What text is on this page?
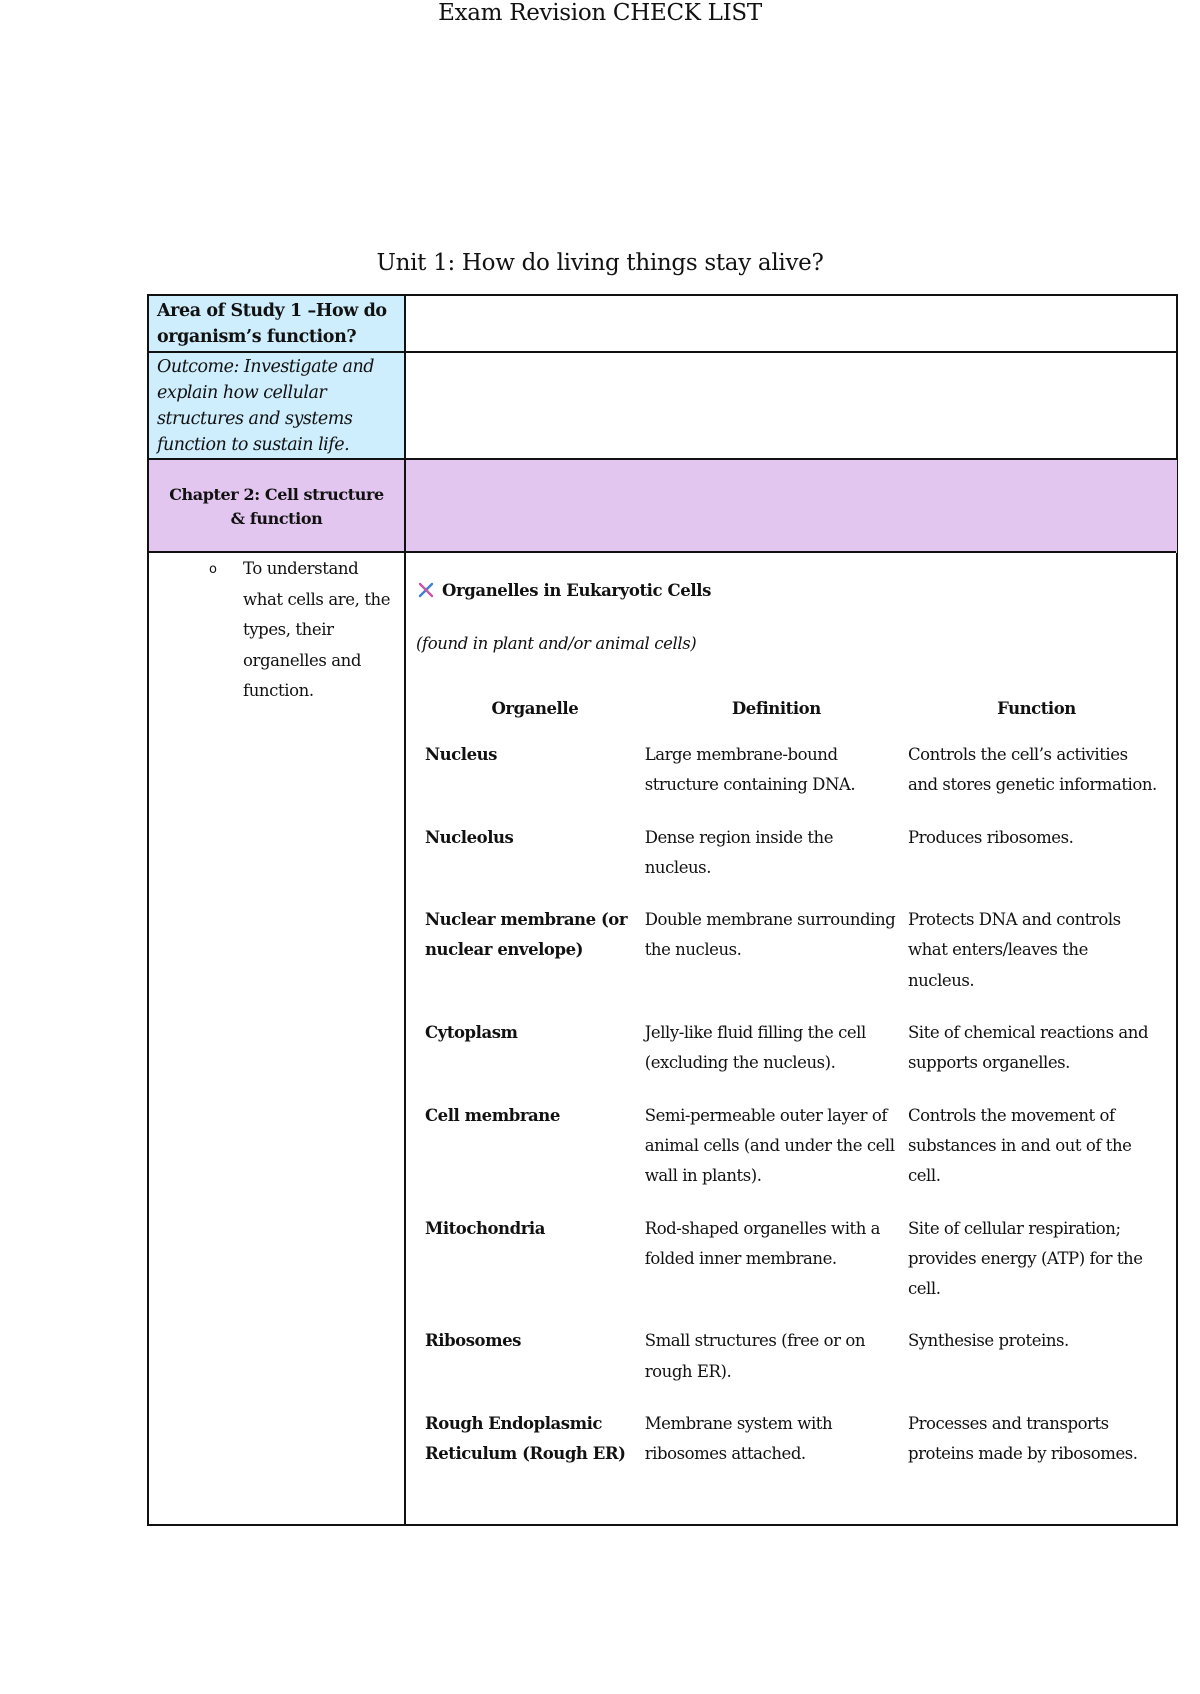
Exam Revision CHECK LIST
Unit 1: How do living things stay alive?
Area of Study 1 –How do organism’s function?
Outcome: Investigate and explain how cellular structures and systems function to sustain life.
Chapter 2: Cell structure & function
o To understand what cells are, the types, their organelles and function.
Organelles in Eukaryotic Cells
(found in plant and/or animal cells)
Organelle	Definition	Function
Nucleus	Large membrane-bound structure containing DNA.	Controls the cell’s activities and stores genetic information.
Nucleolus	Dense region inside the nucleus.	Produces ribosomes.
Nuclear membrane (or nuclear envelope)	Double membrane surrounding the nucleus.	Protects DNA and controls what enters/leaves the nucleus.
Cytoplasm	Jelly-like fluid filling the cell (excluding the nucleus).	Site of chemical reactions and supports organelles.
Cell membrane	Semi-permeable outer layer of animal cells (and under the cell wall in plants).	Controls the movement of substances in and out of the cell.
Mitochondria	Rod-shaped organelles with a folded inner membrane.	Site of cellular respiration; provides energy (ATP) for the cell.
Ribosomes	Small structures (free or on rough ER).	Synthesise proteins.
Rough Endoplasmic Reticulum (Rough ER)	Membrane system with ribosomes attached.	Processes and transports proteins made by ribosomes.
